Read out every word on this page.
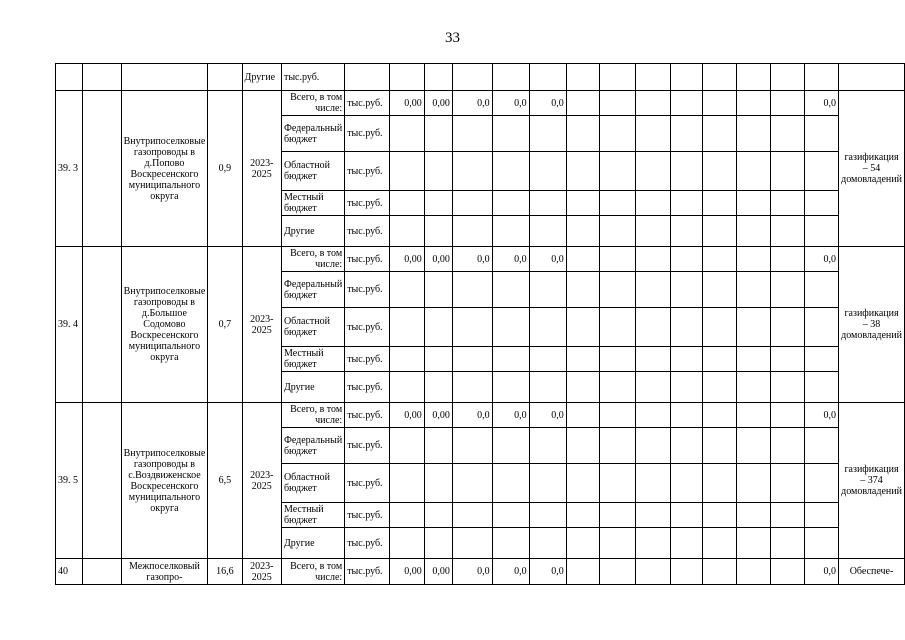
33
				Другие	тыс.руб.															
39. 3		Внутрипоселковые газопроводы в д.Попово Воскресенского муниципального округа	0,9	2023-2025	Всего, в том числе:	тыс.руб.	0,00	0,00	0,0	0,0	0,0								0,0	газификация – 54 домовладений
					Федеральный бюджет	тыс.руб.														
					Областной бюджет	тыс.руб.														
					Местный бюджет	тыс.руб.														
					Другие	тыс.руб.														
39. 4		Внутрипоселковые газопроводы в д.Большое Содомово Воскресенского муниципального округа	0,7	2023-2025	Всего, в том числе:	тыс.руб.	0,00	0,00	0,0	0,0	0,0								0,0	газификация – 38 домовладений
					Федеральный бюджет	тыс.руб.														
					Областной бюджет	тыс.руб.														
					Местный бюджет	тыс.руб.														
					Другие	тыс.руб.														
39. 5		Внутрипоселковые газопроводы в с.Воздвиженское Воскресенского муниципального округа	6,5	2023-2025	Всего, в том числе:	тыс.руб.	0,00	0,00	0,0	0,0	0,0								0,0	газификация – 374 домовладений
					Федеральный бюджет	тыс.руб.														
					Областной бюджет	тыс.руб.														
					Местный бюджет	тыс.руб.														
					Другие	тыс.руб.														
40		Межпоселковый газопро-	16,6	2023-2025	Всего, в том числе:	тыс.руб.	0,00	0,00	0,0	0,0	0,0								0,0	Обеспече-
